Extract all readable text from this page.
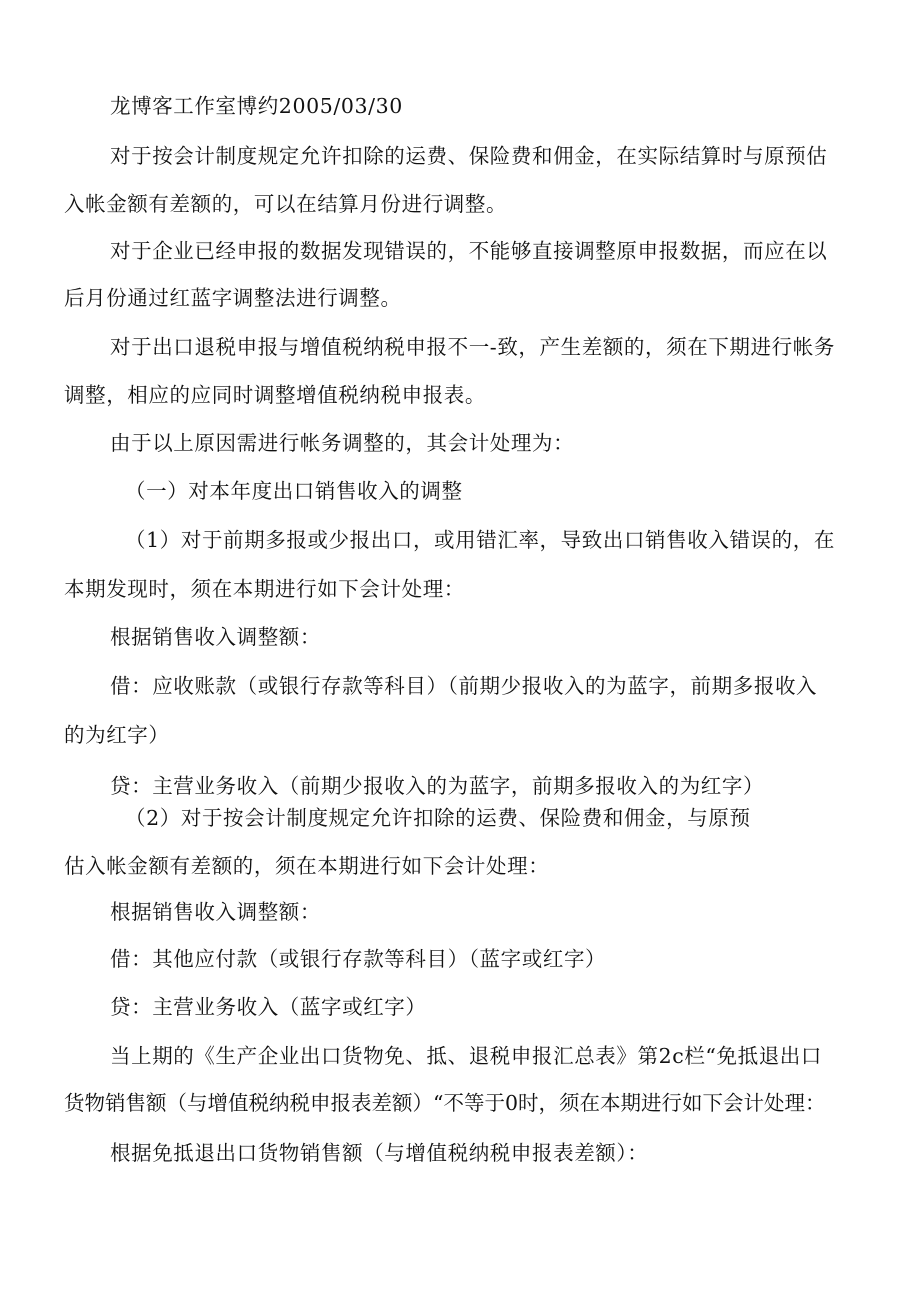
龙博客工作室博约2005/03/30

对于按会计制度规定允许扣除的运费、保险费和佣金，在实际结算时与原预估

入帐金额有差额的，可以在结算月份进行调整。

对于企业已经申报的数据发现错误的，不能够直接调整原申报数据，而应在以

后月份通过红蓝字调整法进行调整。

对于出口退税申报与增值税纳税申报不一-致，产生差额的，须在下期进行帐务

调整，相应的应同时调整增值税纳税申报表。

由于以上原因需进行帐务调整的，其会计处理为：

（一）对本年度出口销售收入的调整

（1）对于前期多报或少报出口，或用错汇率，导致出口销售收入错误的，在

本期发现时，须在本期进行如下会计处理：

根据销售收入调整额：

借：应收账款（或银行存款等科目）（前期少报收入的为蓝字，前期多报收入

的为红字）

贷：主营业务收入（前期少报收入的为蓝字，前期多报收入的为红字）

（2）对于按会计制度规定允许扣除的运费、保险费和佣金，与原预

估入帐金额有差额的，须在本期进行如下会计处理：

根据销售收入调整额：

借：其他应付款（或银行存款等科目）（蓝字或红字）

贷：主营业务收入（蓝字或红字）

当上期的《生产企业出口货物免、抵、退税申报汇总表》第2c栏“免抵退出口

货物销售额（与增值税纳税申报表差额）“不等于0时，须在本期进行如下会计处理：

根据免抵退出口货物销售额（与增值税纳税申报表差额）：
